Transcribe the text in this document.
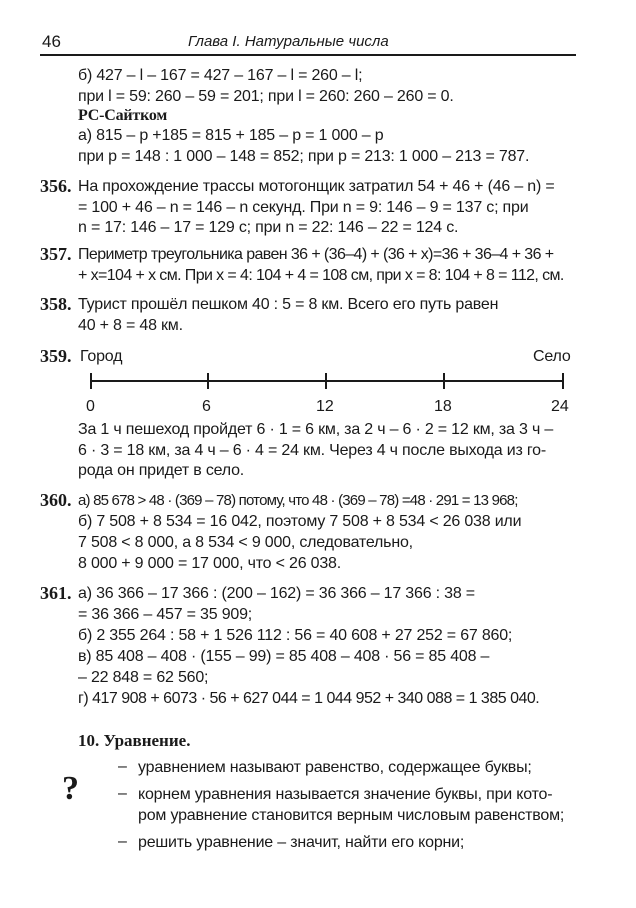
46	Глава I. Натуральные числа
б) 427 – l – 167 = 427 – 167 – l = 260 – l;
при l = 59: 260 – 59 = 201; при l = 260: 260 – 260 = 0.
РС-Сайтком
а) 815 – р +185 = 815 + 185 – р = 1 000 – р
при р = 148 : 1 000 – 148 = 852; при р = 213: 1 000 – 213 = 787.
356. На прохождение трассы мотогонщик затратил 54 + 46 + (46 – n) =
= 100 + 46 – n = 146 – n секунд. При n = 9: 146 – 9 = 137 с; при
n = 17: 146 – 17 = 129 с; при n = 22: 146 – 22 = 124 с.
357. Периметр треугольника равен 36 + (36–4) + (36 + x)=36 + 36–4 + 36 +
+ x=104 + x см. При x = 4: 104 + 4 = 108 см, при x = 8: 104 + 8 = 112, см.
358. Турист прошёл пешком 40 : 5 = 8 км. Всего его путь равен
40 + 8 = 48 км.
359. Город	Село
0	6	12	18	24
За 1 ч пешеход пройдет 6 · 1 = 6 км, за 2 ч – 6 · 2 = 12 км, за 3 ч –
6 · 3 = 18 км, за 4 ч – 6 · 4 = 24 км. Через 4 ч после выхода из го-
рода он придет в село.
360. а) 85 678 > 48 · (369 – 78) потому, что 48 · (369 – 78) =48 · 291 = 13 968;
б) 7 508 + 8 534 = 16 042, поэтому 7 508 + 8 534 < 26 038 или
7 508 < 8 000, а 8 534 < 9 000, следовательно,
8 000 + 9 000 = 17 000, что < 26 038.
361. а) 36 366 – 17 366 : (200 – 162) = 36 366 – 17 366 : 38 =
= 36 366 – 457 = 35 909;
б) 2 355 264 : 58 + 1 526 112 : 56 = 40 608 + 27 252 = 67 860;
в) 85 408 – 408 · (155 – 99) = 85 408 – 408 · 56 = 85 408 –
– 22 848 = 62 560;
г) 417 908 + 6073 · 56 + 627 044 = 1 044 952 + 340 088 = 1 385 040.
10. Уравнение.
?
– уравнением называют равенство, содержащее буквы;
– корнем уравнения называется значение буквы, при кото-
ром уравнение становится верным числовым равенством;
– решить уравнение – значит, найти его корни;
